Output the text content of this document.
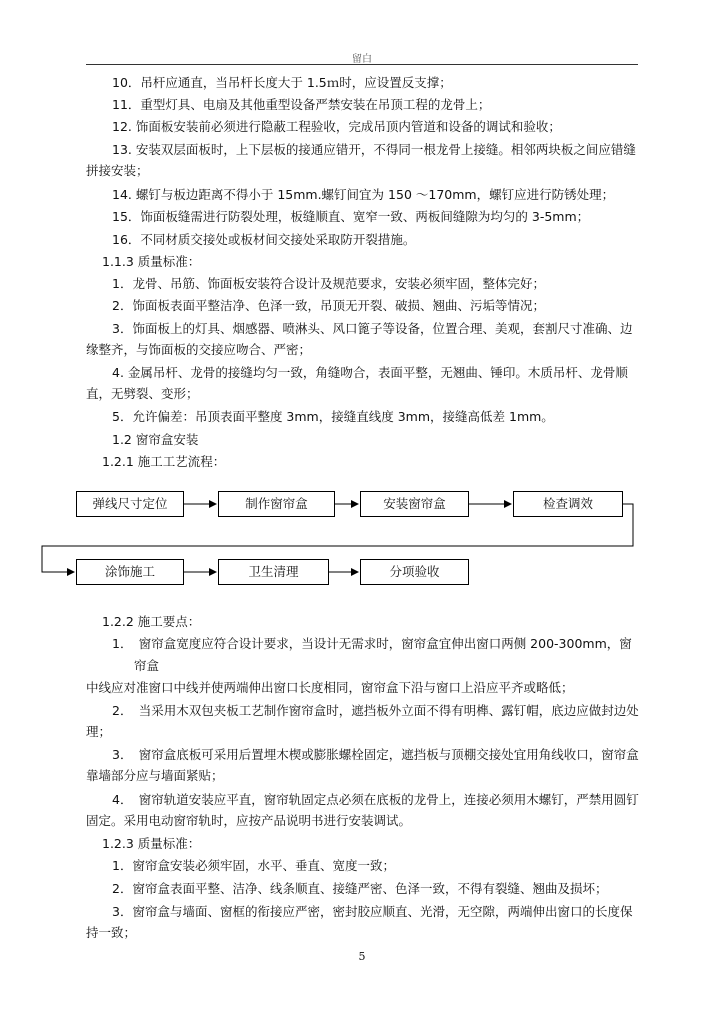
留白
10．吊杆应通直，当吊杆长度大于 1.5ｍ时，应设置反支撑；
11．重型灯具、电扇及其他重型设备严禁安装在吊顶工程的龙骨上；
12. 饰面板安装前必须进行隐蔽工程验收，完成吊顶内管道和设备的调试和验收；
13. 安装双层面板时，上下层板的接通应错开，不得同一根龙骨上接缝。相邻两块板之间应错缝拼接安装；
14. 螺钉与板边距离不得小于 15mm.螺钉间宜为 150 ～170mm，螺钉应进行防锈处理；
15．饰面板缝需进行防裂处理，板缝顺直、宽窄一致、两板间缝隙为均匀的 3-5mm；
16．不同材质交接处或板材间交接处采取防开裂措施。
1.1.3 质量标准：
1．龙骨、吊筋、饰面板安装符合设计及规范要求，安装必须牢固，整体完好；
2．饰面板表面平整洁净、色泽一致，吊顶无开裂、破损、翘曲、污垢等情况；
3．饰面板上的灯具、烟感器、喷淋头、风口篦子等设备，位置合理、美观，套割尺寸准确、边缘整齐，与饰面板的交接应吻合、严密；
4. 金属吊杆、龙骨的接缝均匀一致，角缝吻合，表面平整，无翘曲、锤印。木质吊杆、龙骨顺直，无劈裂、变形；
5．允许偏差：吊顶表面平整度 3mm，接缝直线度 3mm，接缝高低差 1mm。
1.2 窗帘盒安装
1.2.1 施工工艺流程：
弹线尺寸定位	制作窗帘盒	安装窗帘盒	检查调效
涂饰施工	卫生清理	分项验收
1.2.2 施工要点：
1．　窗帘盒宽度应符合设计要求，当设计无需求时，窗帘盒宜伸出窗口两侧 200-300mm，窗
帘盒
中线应对准窗口中线并使两端伸出窗口长度相同，窗帘盒下沿与窗口上沿应平齐或略低；
2．　当采用木双包夹板工艺制作窗帘盒时，遮挡板外立面不得有明榫、露钉帽，底边应做封边处理；
3．　窗帘盒底板可采用后置埋木楔或膨胀螺栓固定，遮挡板与顶棚交接处宜用角线收口，窗帘盒靠墙部分应与墙面紧贴；
4．　窗帘轨道安装应平直，窗帘轨固定点必须在底板的龙骨上，连接必须用木螺钉，严禁用圆钉固定。采用电动窗帘轨时，应按产品说明书进行安装调试。
1.2.3 质量标准：
1．窗帘盒安装必须牢固，水平、垂直、宽度一致；
2．窗帘盒表面平整、洁净、线条顺直、接缝严密、色泽一致，不得有裂缝、翘曲及损坏；
3．窗帘盒与墙面、窗框的衔接应严密，密封胶应顺直、光滑，无空隙，两端伸出窗口的长度保持一致；
5
